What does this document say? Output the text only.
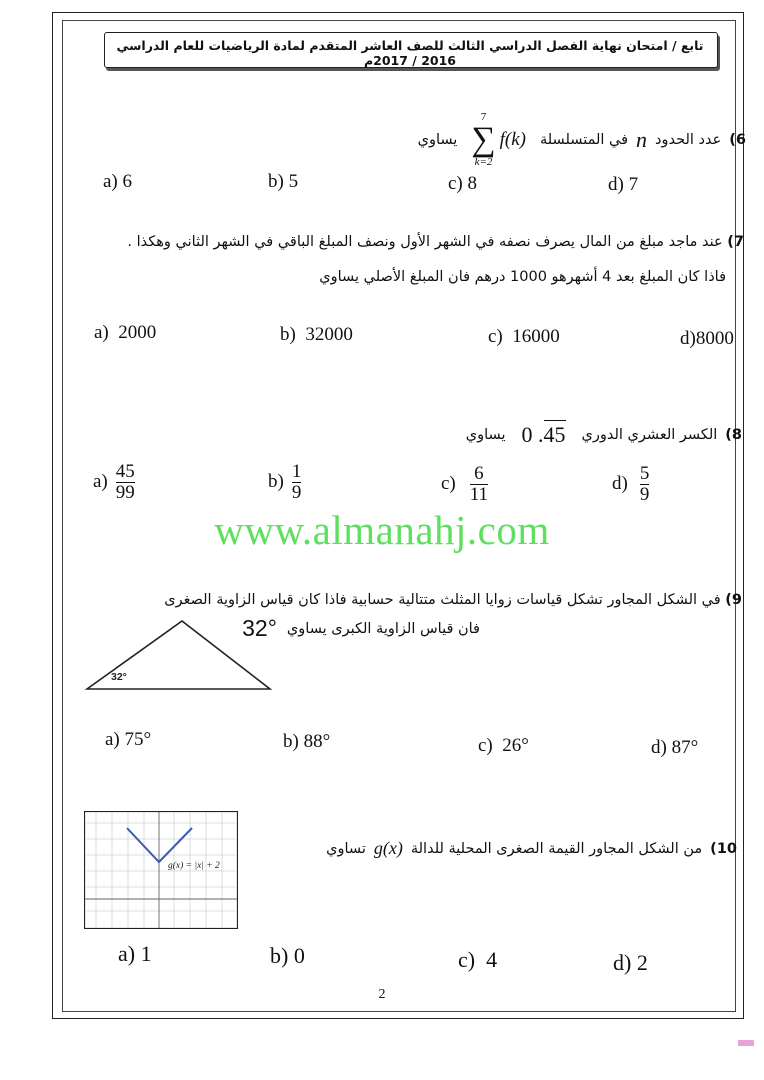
تابع / امتحان نهاية الفصل الدراسي الثالث للصف العاشر المتقدم لمادة الرياضيات للعام الدراسي 2016 / 2017م
6)
عدد الحدود
n
في المتسلسلة
7
∑
k=2
f(k)
يساوي
a) 6	b) 5	c) 8	d) 7
7) عند ماجد مبلغ من المال يصرف نصفه في الشهر الأول ونصف المبلغ الباقي في الشهر الثاني وهكذا .
فاذا كان المبلغ بعد 4 أشهرهو 1000 درهم فان المبلغ الأصلي يساوي
a) 2000	b) 32000	c) 16000	d)8000
8)
الكسر العشري الدوري
0 .45
يساوي
$a) \frac{45}{99}$	$b) \frac{1}{9}$	$c) \frac{6}{11}$	$d) \frac{5}{9}$
www.almanahj.com
9) في الشكل المجاور تشكل قياسات زوايا المثلث متتالية حسابية فاذا كان قياس الزاوية الصغرى
فان قياس الزاوية الكبرى يساوي
32°
32°
a) 75°	b) 88°	c) 26°	d) 87°
10)
من الشكل المجاور القيمة الصغرى المحلية للدالة
g(x)
تساوي
g(x) = |x| + 2
a) 1	b) 0	c) 4	d) 2
2
